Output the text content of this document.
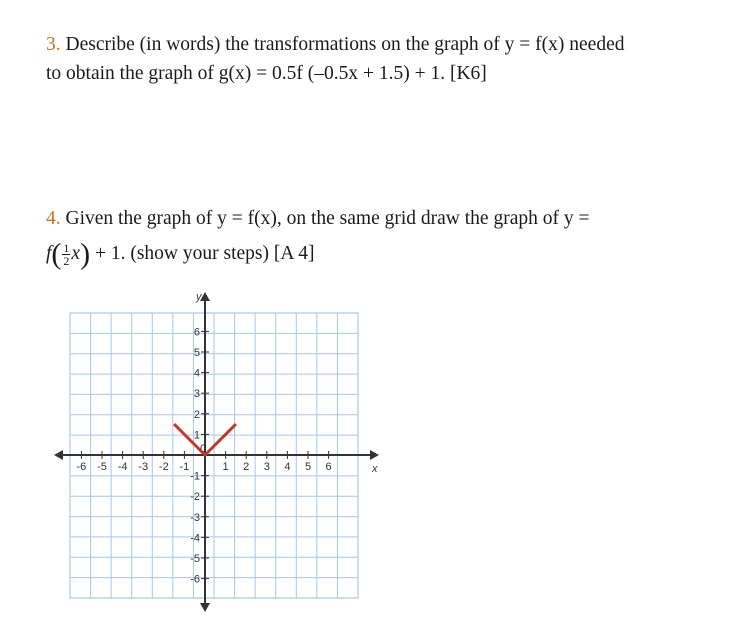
3. Describe (in words) the transformations on the graph of y = f(x) needed
to obtain the graph of g(x) = 0.5f (–0.5x + 1.5) + 1. [K6]
4. Given the graph of y = f(x), on the same grid draw the graph of y =
$f( \frac{1}{2} x) + 1$. (show your steps) [A 4]
x
y
-6 -5 -4 -3 -2 -1	1 2 3 4 5 6
6
5
4
3
2
1
-1
-2
-3
-4
-5
-6
0
